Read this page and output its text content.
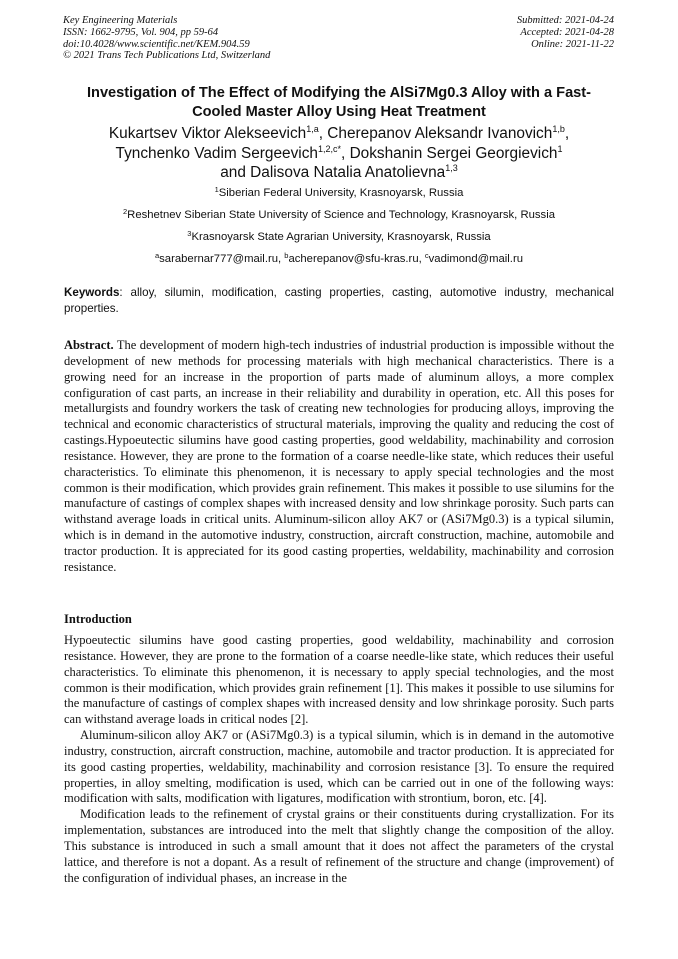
Key Engineering Materials
ISSN: 1662-9795, Vol. 904, pp 59-64
doi:10.4028/www.scientific.net/KEM.904.59
© 2021 Trans Tech Publications Ltd, Switzerland
Submitted: 2021-04-24
Accepted: 2021-04-28
Online: 2021-11-22
Investigation of The Effect of Modifying the AlSi7Mg0.3 Alloy with a Fast-Cooled Master Alloy Using Heat Treatment
Kukartsev Viktor Alekseevich$^{1,a}$, Cherepanov Aleksandr Ivanovich$^{1,b}$,
Tynchenko Vadim Sergeevich$^{1,2,c*}$, Dokshanin Sergei Georgievich$^1$
and Dalisova Natalia Anatolievna$^{1,3}$
$^1$Siberian Federal University, Krasnoyarsk, Russia
$^2$Reshetnev Siberian State University of Science and Technology, Krasnoyarsk, Russia
$^3$Krasnoyarsk State Agrarian University, Krasnoyarsk, Russia
$^a$sarabernar777@mail.ru, $^b$acherepanov@sfu-kras.ru, $^c$vadimond@mail.ru
Keywords: alloy, silumin, modification, casting properties, casting, automotive industry, mechanical properties.

Abstract. The development of modern high-tech industries of industrial production is impossible without the development of new methods for processing materials with high mechanical characteristics. There is a growing need for an increase in the proportion of parts made of aluminum alloys, a more complex configuration of cast parts, an increase in their reliability and durability in operation, etc. All this poses for metallurgists and foundry workers the task of creating new technologies for producing alloys, improving the technical and economic characteristics of structural materials, improving the quality and reducing the cost of castings.Hypoeutectic silumins have good casting properties, good weldability, machinability and corrosion resistance. However, they are prone to the formation of a coarse needle-like state, which reduces their useful characteristics. To eliminate this phenomenon, it is necessary to apply special technologies and the most common is their modification, which provides grain refinement. This makes it possible to use silumins for the manufacture of castings of complex shapes with increased density and low shrinkage porosity. Such parts can withstand average loads in critical units. Aluminum-silicon alloy AK7 or (ASi7Mg0.3) is a typical silumin, which is in demand in the automotive industry, construction, aircraft construction, machine, automobile and tractor production. It is appreciated for its good casting properties, weldability, machinability and corrosion resistance.

Introduction

Hypoeutectic silumins have good casting properties, good weldability, machinability and corrosion resistance. However, they are prone to the formation of a coarse needle-like state, which reduces their useful characteristics. To eliminate this phenomenon, it is necessary to apply special technologies, and the most common is their modification, which provides grain refinement [1]. This makes it possible to use silumins for the manufacture of castings of complex shapes with increased density and low shrinkage porosity. Such parts can withstand average loads in critical nodes [2].

Aluminum-silicon alloy AK7 or (ASi7Mg0.3) is a typical silumin, which is in demand in the automotive industry, construction, aircraft construction, machine, automobile and tractor production. It is appreciated for its good casting properties, weldability, machinability and corrosion resistance [3]. To ensure the required properties, in alloy smelting, modification is used, which can be carried out in one of the following ways: modification with salts, modification with ligatures, modification with strontium, boron, etc. [4].

Modification leads to the refinement of crystal grains or their constituents during crystallization. For its implementation, substances are introduced into the melt that slightly change the composition of the alloy. This substance is introduced in such a small amount that it does not affect the parameters of the crystal lattice, and therefore is not a dopant. As a result of refinement of the structure and change (improvement) of the configuration of individual phases, an increase in the
